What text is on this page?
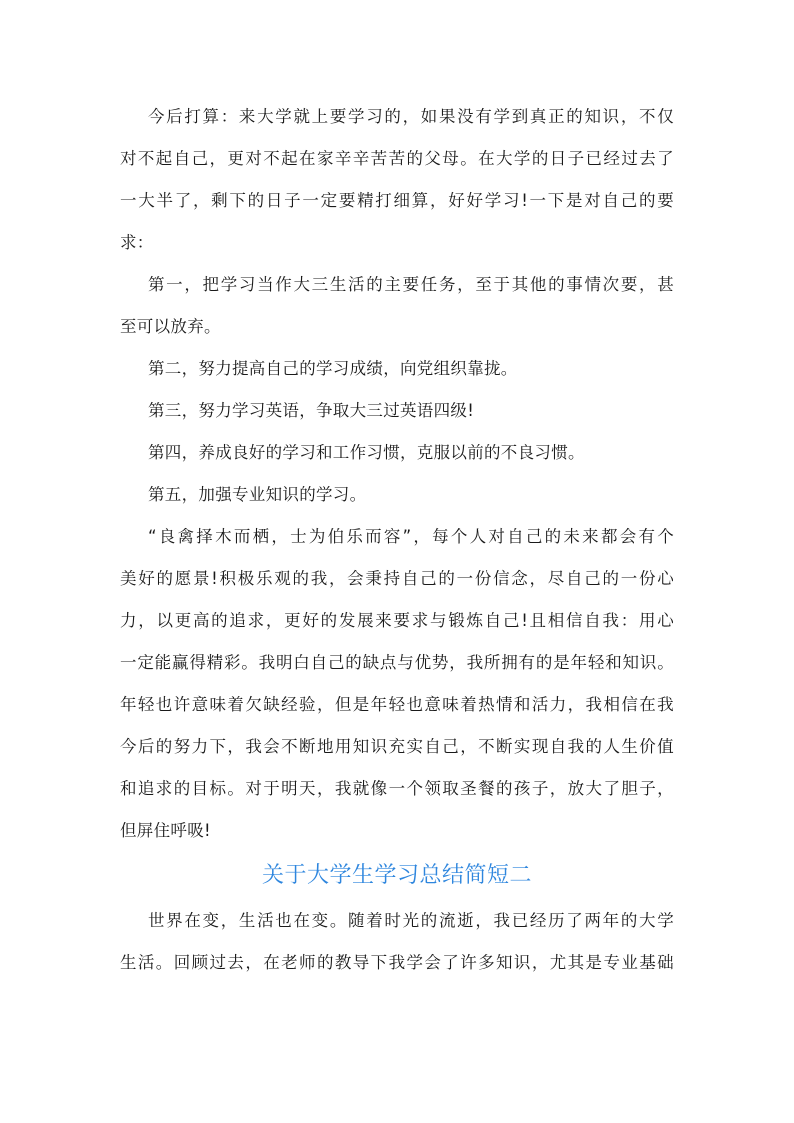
今后打算：来大学就上要学习的，如果没有学到真正的知识，不仅
对不起自己，更对不起在家辛辛苦苦的父母。在大学的日子已经过去了
一大半了，剩下的日子一定要精打细算，好好学习!一下是对自己的要
求：
第一，把学习当作大三生活的主要任务，至于其他的事情次要，甚
至可以放弃。
第二，努力提高自己的学习成绩，向党组织靠拢。
第三，努力学习英语，争取大三过英语四级!
第四，养成良好的学习和工作习惯，克服以前的不良习惯。
第五，加强专业知识的学习。
“良禽择木而栖，士为伯乐而容”，每个人对自己的未来都会有个
美好的愿景!积极乐观的我，会秉持自己的一份信念，尽自己的一份心
力，以更高的追求，更好的发展来要求与锻炼自己!且相信自我：用心
一定能赢得精彩。我明白自己的缺点与优势，我所拥有的是年轻和知识。
年轻也许意味着欠缺经验，但是年轻也意味着热情和活力，我相信在我
今后的努力下，我会不断地用知识充实自己，不断实现自我的人生价值
和追求的目标。对于明天，我就像一个领取圣餐的孩子，放大了胆子，
但屏住呼吸!
关于大学生学习总结简短二
世界在变，生活也在变。随着时光的流逝，我已经历了两年的大学
生活。回顾过去，在老师的教导下我学会了许多知识，尤其是专业基础
